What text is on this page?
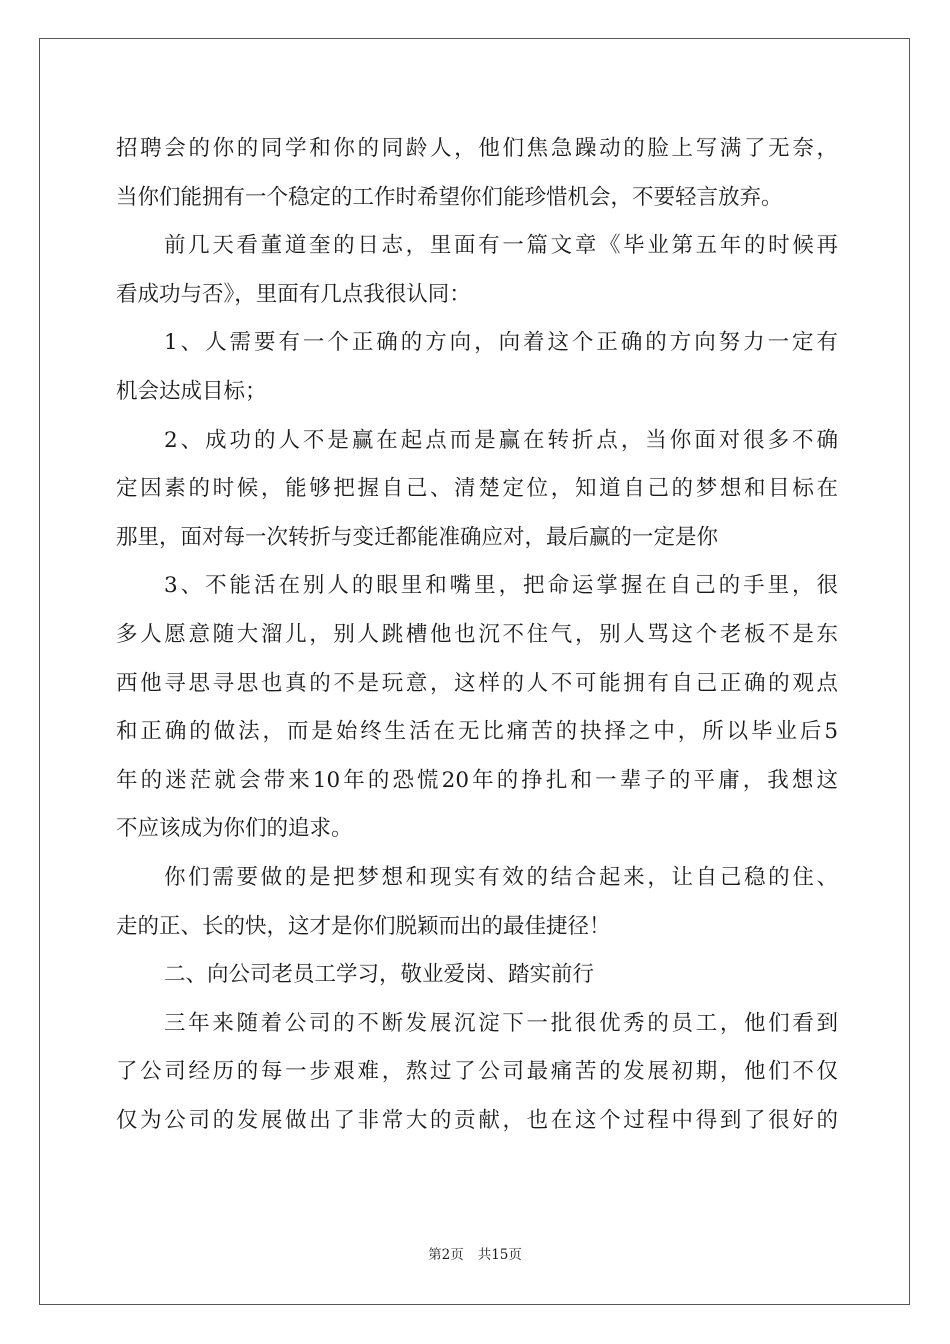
招聘会的你的同学和你的同龄人，他们焦急躁动的脸上写满了无奈，
当你们能拥有一个稳定的工作时希望你们能珍惜机会，不要轻言放弃。
前几天看董道奎的日志，里面有一篇文章《毕业第五年的时候再
看成功与否》，里面有几点我很认同：
1、人需要有一个正确的方向，向着这个正确的方向努力一定有
机会达成目标；
2、成功的人不是赢在起点而是赢在转折点，当你面对很多不确
定因素的时候，能够把握自己、清楚定位，知道自己的梦想和目标在
那里，面对每一次转折与变迁都能准确应对，最后赢的一定是你
3、不能活在别人的眼里和嘴里，把命运掌握在自己的手里，很
多人愿意随大溜儿，别人跳槽他也沉不住气，别人骂这个老板不是东
西他寻思寻思也真的不是玩意，这样的人不可能拥有自己正确的观点
和正确的做法，而是始终生活在无比痛苦的抉择之中，所以毕业后5
年的迷茫就会带来10年的恐慌20年的挣扎和一辈子的平庸，我想这
不应该成为你们的追求。
你们需要做的是把梦想和现实有效的结合起来，让自己稳的住、
走的正、长的快，这才是你们脱颖而出的最佳捷径！
二、向公司老员工学习，敬业爱岗、踏实前行
三年来随着公司的不断发展沉淀下一批很优秀的员工，他们看到
了公司经历的每一步艰难，熬过了公司最痛苦的发展初期，他们不仅
仅为公司的发展做出了非常大的贡献，也在这个过程中得到了很好的
第2页 共15页
